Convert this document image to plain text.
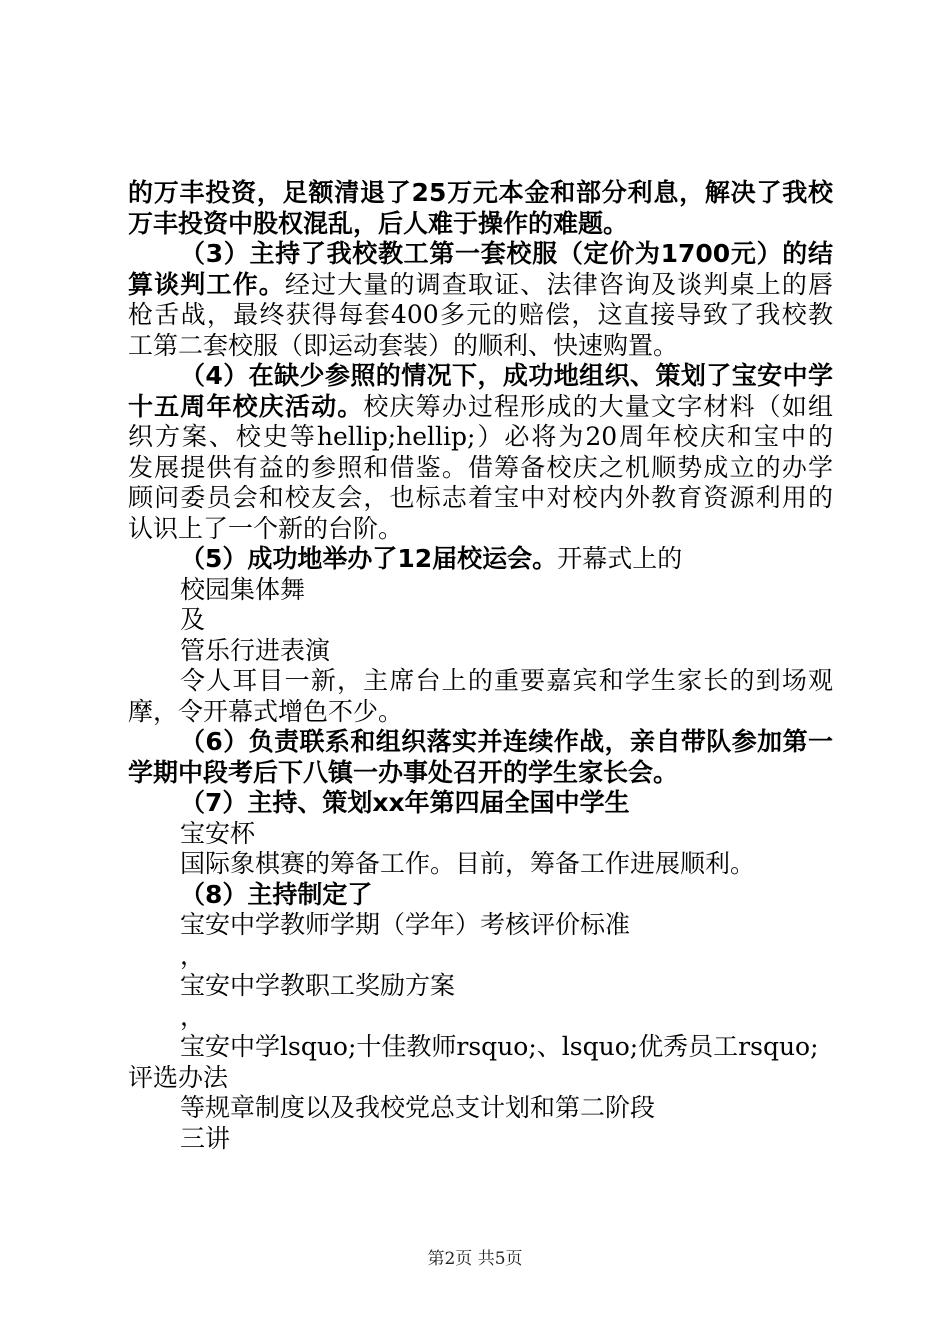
的万丰投资，足额清退了25万元本金和部分利息，解决了我校
万丰投资中股权混乱，后人难于操作的难题。
（3）主持了我校教工第一套校服（定价为1700元）的结
算谈判工作。经过大量的调查取证、法律咨询及谈判桌上的唇
枪舌战，最终获得每套400多元的赔偿，这直接导致了我校教
工第二套校服（即运动套装）的顺利、快速购置。
（4）在缺少参照的情况下，成功地组织、策划了宝安中学
十五周年校庆活动。校庆筹办过程形成的大量文字材料（如组
织方案、校史等hellip;hellip;）必将为20周年校庆和宝中的
发展提供有益的参照和借鉴。借筹备校庆之机顺势成立的办学
顾问委员会和校友会，也标志着宝中对校内外教育资源利用的
认识上了一个新的台阶。
（5）成功地举办了12届校运会。开幕式上的
校园集体舞
及
管乐行进表演
令人耳目一新，主席台上的重要嘉宾和学生家长的到场观
摩，令开幕式增色不少。
（6）负责联系和组织落实并连续作战，亲自带队参加第一
学期中段考后下八镇一办事处召开的学生家长会。
（7）主持、策划xx年第四届全国中学生
宝安杯
国际象棋赛的筹备工作。目前，筹备工作进展顺利。
（8）主持制定了
宝安中学教师学期（学年）考核评价标准
，
宝安中学教职工奖励方案
，
宝安中学lsquo;十佳教师rsquo;、lsquo;优秀员工rsquo;
评选办法
等规章制度以及我校党总支计划和第二阶段
三讲
第2页 共5页
